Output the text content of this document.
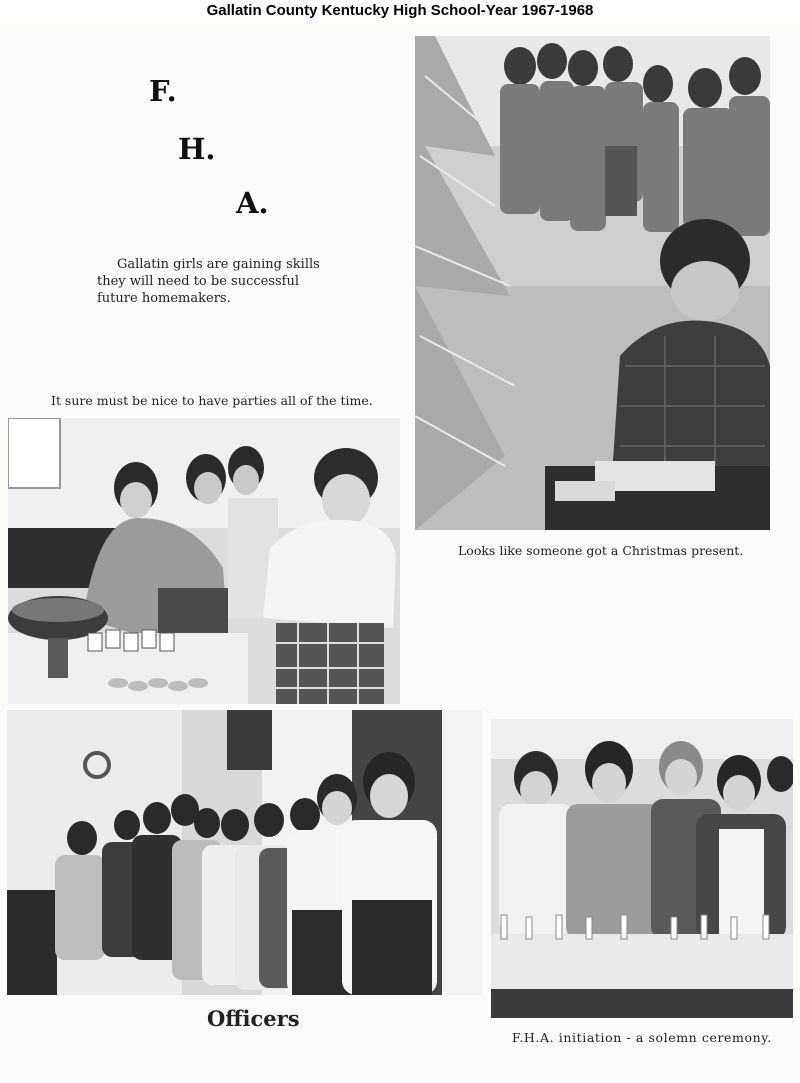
Gallatin County Kentucky High School-Year 1967-1968
F.
H.
A.
Gallatin girls are gaining skills
they will need to be successful
future homemakers.
It sure must be nice to have parties all of the time.
Looks like someone got a Christmas present.
Officers
F.H.A. initiation - a solemn ceremony.
